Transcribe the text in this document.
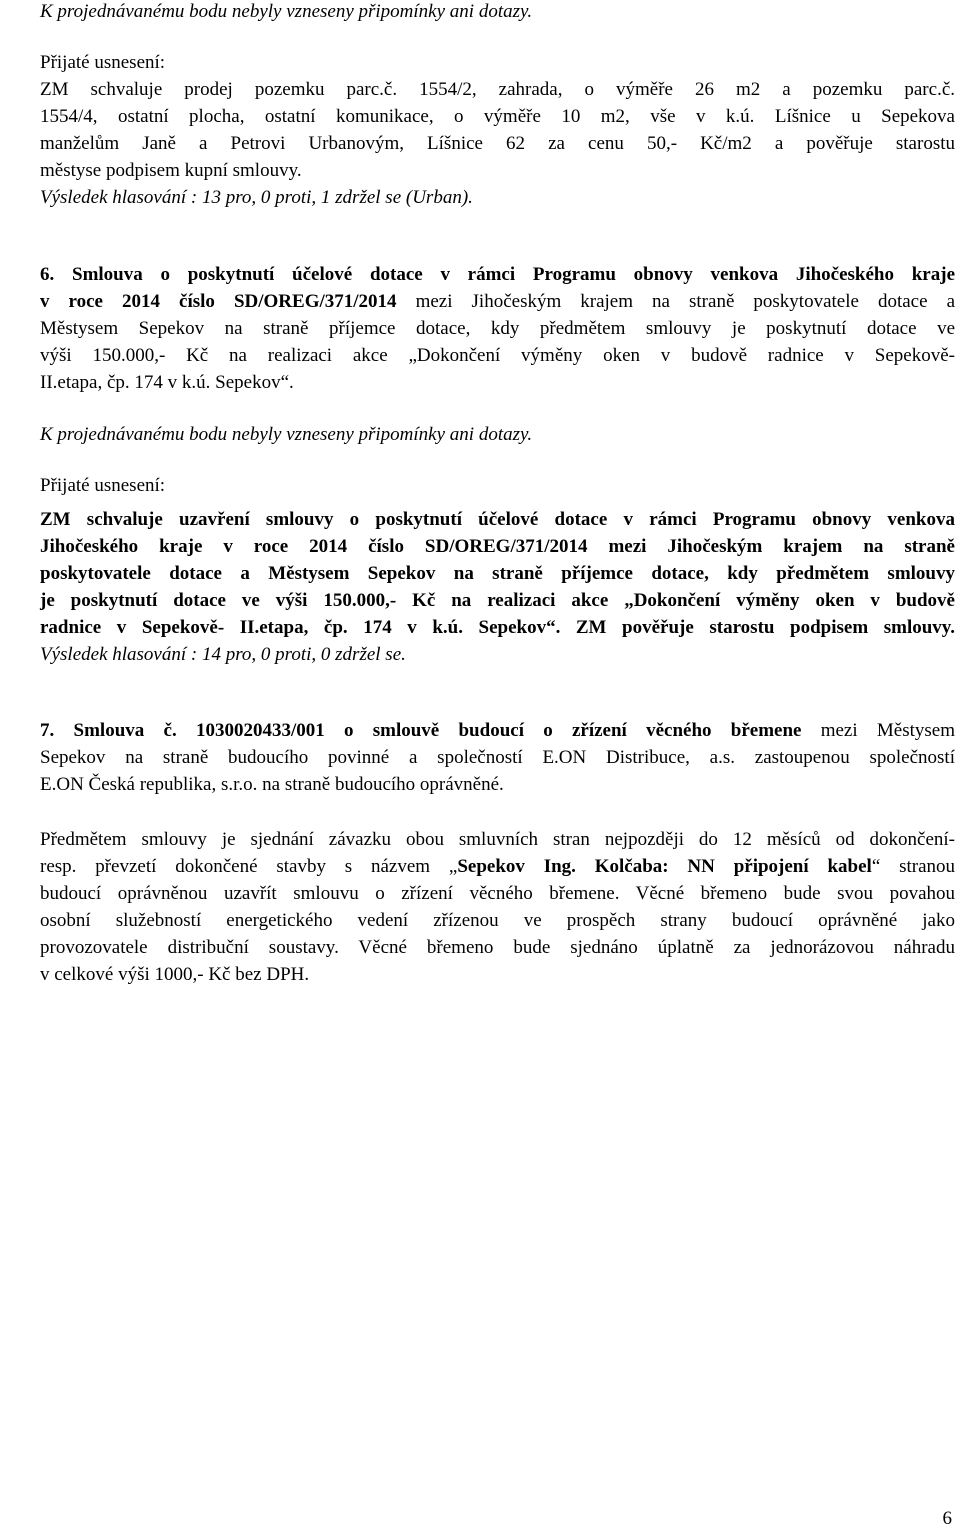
K projednávanému bodu nebyly vzneseny připomínky ani dotazy.
Přijaté usnesení:
ZM schvaluje prodej pozemku parc.č. 1554/2, zahrada, o výměře 26 m2 a pozemku parc.č.
1554/4, ostatní plocha, ostatní komunikace, o výměře 10 m2, vše v k.ú. Líšnice u Sepekova
manželům Janě a Petrovi Urbanovým, Líšnice 62 za cenu 50,- Kč/m2 a pověřuje starostu
městyse podpisem kupní smlouvy.
Výsledek hlasování : 13 pro, 0 proti, 1 zdržel se (Urban).
6. Smlouva o poskytnutí účelové dotace v rámci Programu obnovy venkova Jihočeského kraje
v roce 2014 číslo SD/OREG/371/2014 mezi Jihočeským krajem na straně poskytovatele dotace a
Městysem Sepekov na straně příjemce dotace, kdy předmětem smlouvy je poskytnutí dotace ve
výši 150.000,- Kč na realizaci akce „Dokončení výměny oken v budově radnice v Sepekově-
II.etapa, čp. 174 v k.ú. Sepekov“.
K projednávanému bodu nebyly vzneseny připomínky ani dotazy.
Přijaté usnesení:
ZM schvaluje uzavření smlouvy o poskytnutí účelové dotace v rámci Programu obnovy venkova
Jihočeského kraje v roce 2014 číslo SD/OREG/371/2014 mezi Jihočeským krajem na straně
poskytovatele dotace a Městysem Sepekov na straně příjemce dotace, kdy předmětem smlouvy
je poskytnutí dotace ve výši 150.000,- Kč na realizaci akce „Dokončení výměny oken v budově
radnice v Sepekově- II.etapa, čp. 174 v k.ú. Sepekov“. ZM pověřuje starostu podpisem smlouvy.
Výsledek hlasování : 14 pro, 0 proti, 0 zdržel se.
7. Smlouva č. 1030020433/001 o smlouvě budoucí o zřízení věcného břemene mezi Městysem
Sepekov na straně budoucího povinné a společností E.ON Distribuce, a.s. zastoupenou společností
E.ON Česká republika, s.r.o. na straně budoucího oprávněné.
Předmětem smlouvy je sjednání závazku obou smluvních stran nejpozději do 12 měsíců od dokončení-
resp. převzetí dokončené stavby s názvem „Sepekov Ing. Kolčaba: NN připojení kabel“ stranou
budoucí oprávněnou uzavřít smlouvu o zřízení věcného břemene. Věcné břemeno bude svou povahou
osobní služebností energetického vedení zřízenou ve prospěch strany budoucí oprávněné jako
provozovatele distribuční soustavy. Věcné břemeno bude sjednáno úplatně za jednorázovou náhradu
v celkové výši 1000,- Kč bez DPH.
6
